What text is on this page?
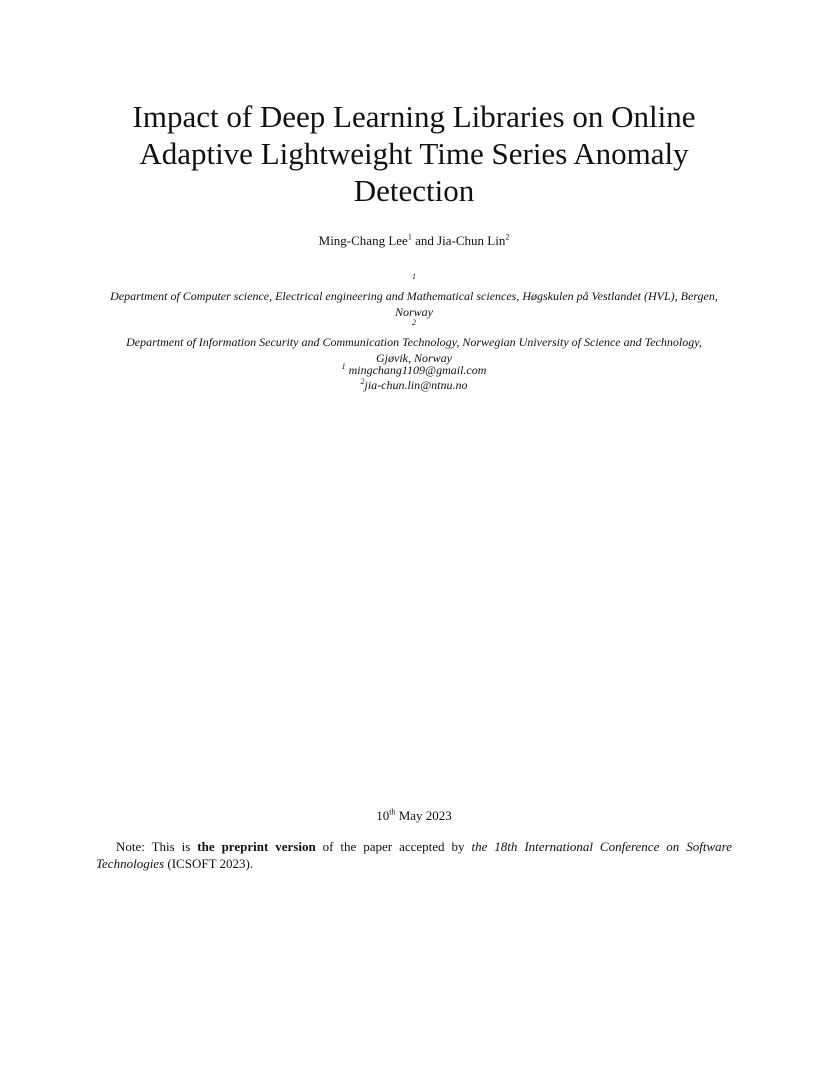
Impact of Deep Learning Libraries on Online
Adaptive Lightweight Time Series Anomaly
Detection
Ming-Chang Lee$^1$ and Jia-Chun Lin$^2$
$^1$
Department of Computer science, Electrical engineering and Mathematical sciences, Høgskulen på Vestlandet (HVL), Bergen,
Norway
$^2$
Department of Information Security and Communication Technology, Norwegian University of Science and Technology,
Gjøvik, Norway
$^1$ mingchang1109@gmail.com
$^2$jia-chun.lin@ntnu.no
10th May 2023
Note: This is the preprint version of the paper accepted by the 18th International Conference on Software
Technologies (ICSOFT 2023).
